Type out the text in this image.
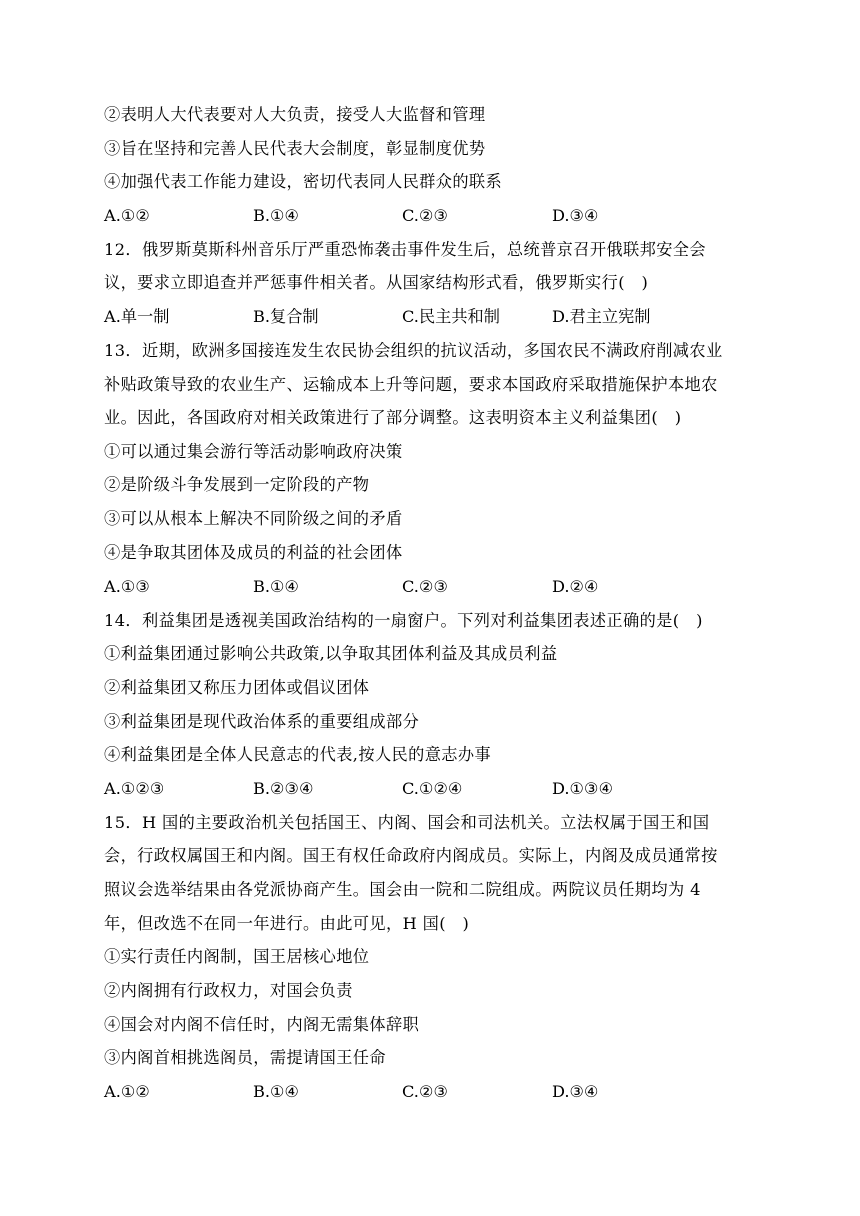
②表明人大代表要对人大负责，接受人大监督和管理
③旨在坚持和完善人民代表大会制度，彰显制度优势
④加强代表工作能力建设，密切代表同人民群众的联系
A.①②	B.①④	C.②③	D.③④
12．俄罗斯莫斯科州音乐厅严重恐怖袭击事件发生后，总统普京召开俄联邦安全会
议，要求立即追查并严惩事件相关者。从国家结构形式看，俄罗斯实行(　)
A.单一制	B.复合制	C.民主共和制	D.君主立宪制
13．近期，欧洲多国接连发生农民协会组织的抗议活动，多国农民不满政府削减农业
补贴政策导致的农业生产、运输成本上升等问题，要求本国政府采取措施保护本地农
业。因此，各国政府对相关政策进行了部分调整。这表明资本主义利益集团(　)
①可以通过集会游行等活动影响政府决策
②是阶级斗争发展到一定阶段的产物
③可以从根本上解决不同阶级之间的矛盾
④是争取其团体及成员的利益的社会团体
A.①③	B.①④	C.②③	D.②④
14．利益集团是透视美国政治结构的一扇窗户。下列对利益集团表述正确的是(　)
①利益集团通过影响公共政策,以争取其团体利益及其成员利益
②利益集团又称压力团体或倡议团体
③利益集团是现代政治体系的重要组成部分
④利益集团是全体人民意志的代表,按人民的意志办事
A.①②③	B.②③④	C.①②④	D.①③④
15．H 国的主要政治机关包括国王、内阁、国会和司法机关。立法权属于国王和国
会，行政权属国王和内阁。国王有权任命政府内阁成员。实际上，内阁及成员通常按
照议会选举结果由各党派协商产生。国会由一院和二院组成。两院议员任期均为 4
年，但改选不在同一年进行。由此可见，H 国(　)
①实行责任内阁制，国王居核心地位
②内阁拥有行政权力，对国会负责
④国会对内阁不信任时，内阁无需集体辞职
③内阁首相挑选阁员，需提请国王任命
A.①②	B.①④	C.②③	D.③④
